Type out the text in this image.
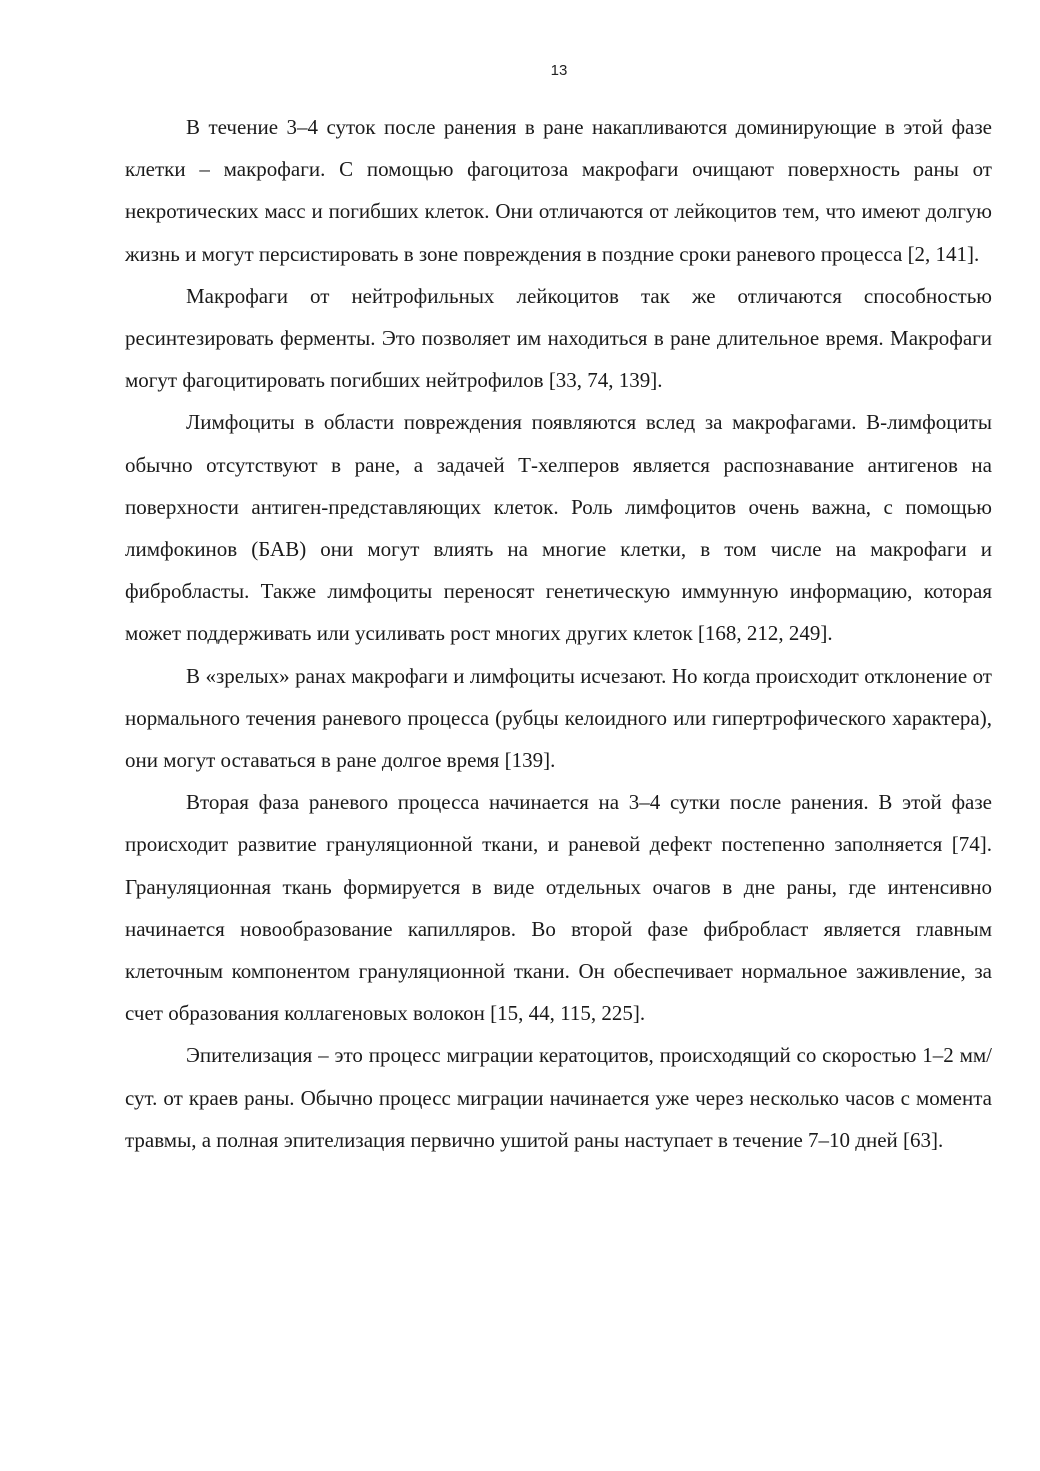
13

В течение 3–4 суток после ранения в ране накапливаются доминирующие в этой фазе клетки – макрофаги. С помощью фагоцитоза макрофаги очищают поверхность раны от некротических масс и погибших клеток. Они отличаются от лейкоцитов тем, что имеют долгую жизнь и могут персистировать в зоне повреждения в поздние сроки раневого процесса [2, 141].

Макрофаги от нейтрофильных лейкоцитов так же отличаются способностью ресинтезировать ферменты. Это позволяет им находиться в ране длительное время. Макрофаги могут фагоцитировать погибших нейтрофилов [33, 74, 139].

Лимфоциты в области повреждения появляются вслед за макрофагами. В-лимфоциты обычно отсутствуют в ране, а задачей Т-хелперов является распознавание антигенов на поверхности антиген-представляющих клеток. Роль лимфоцитов очень важна, с помощью лимфокинов (БАВ) они могут влиять на многие клетки, в том числе на макрофаги и фибробласты. Также лимфоциты переносят генетическую иммунную информацию, которая может поддерживать или усиливать рост многих других клеток [168, 212, 249].

В «зрелых» ранах макрофаги и лимфоциты исчезают. Но когда происходит отклонение от нормального течения раневого процесса (рубцы келоидного или гипертрофического характера), они могут оставаться в ране долгое время [139].

Вторая фаза раневого процесса начинается на 3–4 сутки после ранения. В этой фазе происходит развитие грануляционной ткани, и раневой дефект постепенно заполняется [74]. Грануляционная ткань формируется в виде отдельных очагов в дне раны, где интенсивно начинается новообразование капилляров. Во второй фазе фибробласт является главным клеточным компонентом грануляционной ткани. Он обеспечивает нормальное заживление, за счет образования коллагеновых волокон [15, 44, 115, 225].

Эпителизация – это процесс миграции кератоцитов, происходящий со скоростью 1–2 мм/сут. от краев раны. Обычно процесс миграции начинается уже через несколько часов с момента травмы, а полная эпителизация первично ушитой раны наступает в течение 7–10 дней [63].
